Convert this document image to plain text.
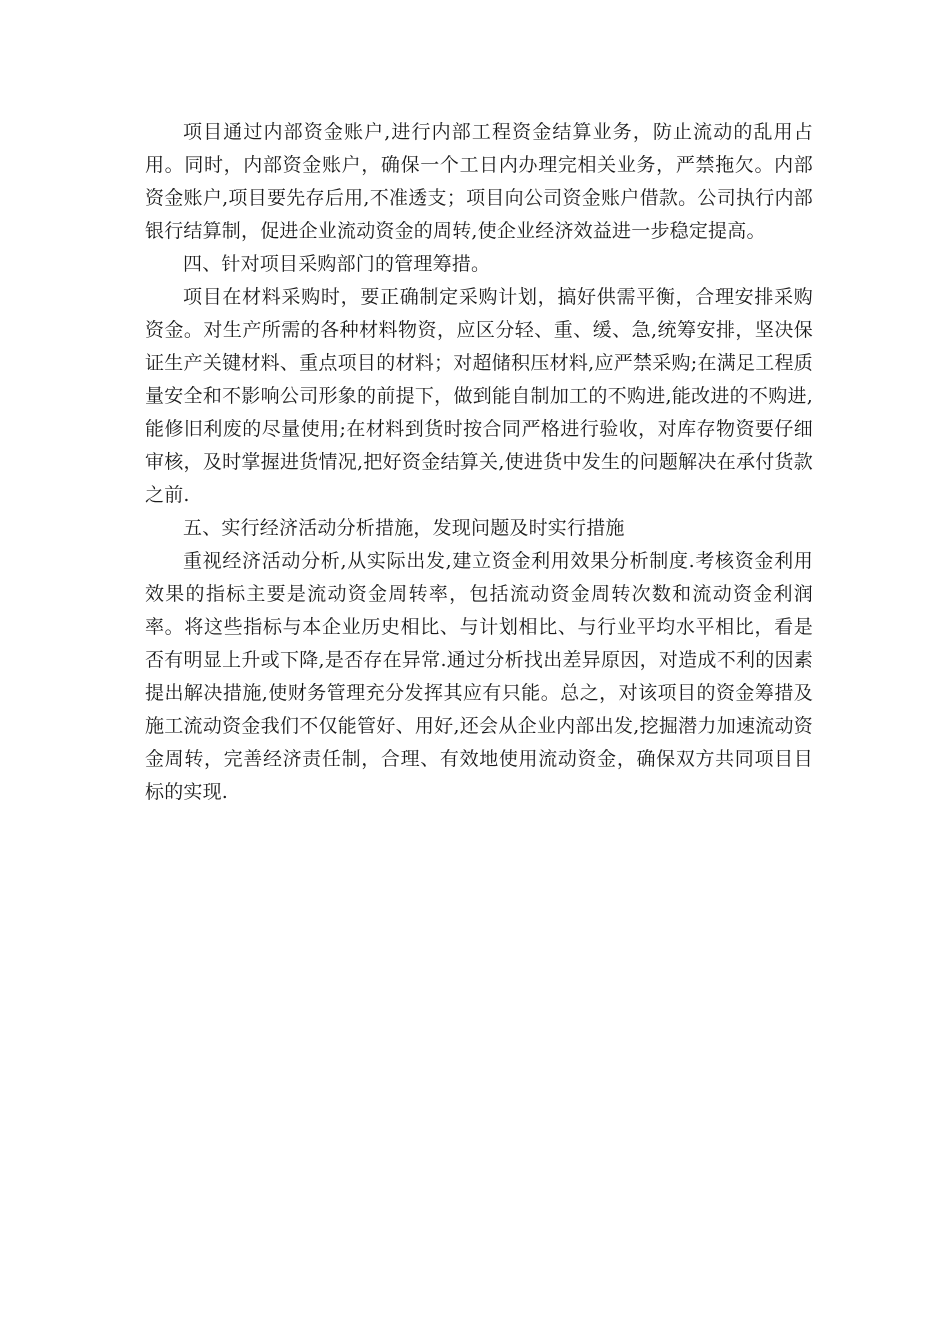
项目通过内部资金账户,进行内部工程资金结算业务，防止流动的乱用占用。同时，内部资金账户，确保一个工日内办理完相关业务，严禁拖欠。内部资金账户,项目要先存后用,不准透支；项目向公司资金账户借款。公司执行内部银行结算制，促进企业流动资金的周转,使企业经济效益进一步稳定提高。

四、针对项目采购部门的管理筹措。

项目在材料采购时，要正确制定采购计划，搞好供需平衡，合理安排采购资金。对生产所需的各种材料物资，应区分轻、重、缓、急,统筹安排，坚决保证生产关键材料、重点项目的材料；对超储积压材料,应严禁采购;在满足工程质量安全和不影响公司形象的前提下，做到能自制加工的不购进,能改进的不购进,能修旧利废的尽量使用;在材料到货时按合同严格进行验收，对库存物资要仔细审核，及时掌握进货情况,把好资金结算关,使进货中发生的问题解决在承付货款之前.

五、实行经济活动分析措施，发现问题及时实行措施

重视经济活动分析,从实际出发,建立资金利用效果分析制度.考核资金利用效果的指标主要是流动资金周转率，包括流动资金周转次数和流动资金利润率。将这些指标与本企业历史相比、与计划相比、与行业平均水平相比，看是否有明显上升或下降,是否存在异常.通过分析找出差异原因，对造成不利的因素提出解决措施,使财务管理充分发挥其应有只能。总之，对该项目的资金筹措及施工流动资金我们不仅能管好、用好,还会从企业内部出发,挖掘潜力加速流动资金周转，完善经济责任制，合理、有效地使用流动资金，确保双方共同项目目标的实现.
